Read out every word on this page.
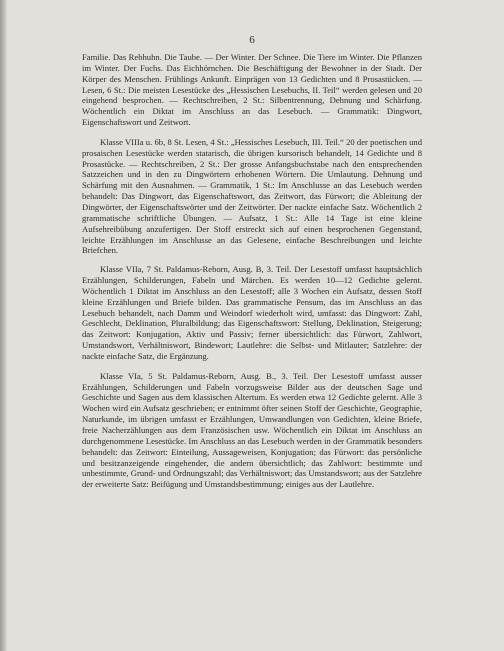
6

Familie. Das Rebhuhn. Die Taube. — Der Winter. Der Schnee. Die Tiere im Winter. Die Pflanzen im Winter. Der Fuchs. Das Eichhörnchen. Die Beschäftigung der Bewohner in der Stadt. Der Körper des Menschen. Frühlings Ankunft. Einprägen von 13 Gedichten und 8 Prosastücken. — Lesen, 6 St.: Die meisten Lesestücke des „Hessischen Lesebuchs, II. Teil“ werden gelesen und 20 eingehend besprochen. — Rechtschreiben, 2 St.: Silbentrennung, Dehnung und Schärfung. Wöchentlich ein Diktat im Anschluss an das Lesebuch. — Grammatik: Dingwort, Eigenschaftswort und Zeitwort.

Klasse VIIIa u. 6b, 8 St. Lesen, 4 St.: „Hessisches Lesebuch, III. Teil.“ 20 der poetischen und prosaischen Lesestücke werden statarisch, die übrigen kursorisch behandelt, 14 Gedichte und 8 Prosastücke. — Rechtschreiben, 2 St.: Der grosse Anfangsbuchstabe nach den entsprechenden Satzzeichen und in den zu Dingwörtern erhobenen Wörtern. Die Umlautung. Dehnung und Schärfung mit den Ausnahmen. — Grammatik, 1 St.: Im Anschlusse an das Lesebuch werden behandelt: Das Dingwort, das Eigenschaftswort, das Zeitwort, das Fürwort; die Ableitung der Dingwörter, der Eigenschaftswörter und der Zeitwörter. Der nackte einfache Satz. Wöchentlich 2 grammatische schriftliche Übungen. — Aufsatz, 1 St.: Alle 14 Tage ist eine kleine Aufsehreibübung anzufertigen. Der Stoff erstreckt sich auf einen besprochenen Gegenstand, leichte Erzählungen im Anschlusse an das Gelesene, einfache Beschreibungen und leichte Briefchen.

Klasse VIIa, 7 St. Paldamus-Reborn, Ausg. B, 3. Teil. Der Lesestoff umfasst hauptsächlich Erzählungen, Schilderungen, Fabeln und Märchen. Es werden 10—12 Gedichte gelernt. Wöchentlich 1 Diktat im Anschluss an den Lesestoff; alle 3 Wochen ein Aufsatz, dessen Stoff kleine Erzählungen und Briefe bilden. Das grammatische Pensum, das im Anschluss an das Lesebuch behandelt, nach Damm und Weindorf wiederholt wird, umfasst: das Dingwort: Zahl, Geschlecht, Deklination, Pluralbildung; das Eigenschaftswort: Stellung, Deklination, Steigerung; das Zeitwort: Konjugation, Aktiv und Passiv; ferner übersichtlich: das Fürwort, Zahlwort, Umstandswort, Verhältniswort, Bindewort; Lautlehre: die Selbst- und Mitlauter; Satzlehre: der nackte einfache Satz, die Ergänzung.

Klasse VIa, 5 St. Paldamus-Reborn, Ausg. B., 3. Teil. Der Lesestoff umfasst ausser Erzählungen, Schilderungen und Fabeln vorzugsweise Bilder aus der deutschen Sage und Geschichte und Sagen aus dem klassischen Altertum. Es werden etwa 12 Gedichte gelernt. Alle 3 Wochen wird ein Aufsatz geschrieben; er entnimmt öfter seinen Stoff der Geschichte, Geographie, Naturkunde, im übrigen umfasst er Erzählungen, Umwandlungen von Gedichten, kleine Briefe, freie Nacherzählungen aus dem Französischen usw. Wöchentlich ein Diktat im Anschluss an durchgenommene Lesestücke. Im Anschluss an das Lesebuch werden in der Grammatik besonders behandelt: das Zeitwort: Einteilung, Aussageweisen, Konjugation; das Fürwort: das persönliche und besitzanzeigende eingehender, die andern übersichtlich; das Zahlwort: bestimmte und unbestimmte, Grund- und Ordnungszahl; das Verhältniswort; das Umstandswort; aus der Satzlehre der erweiterte Satz: Beifügung und Umstandsbestimmung; einiges aus der Lautlehre.
